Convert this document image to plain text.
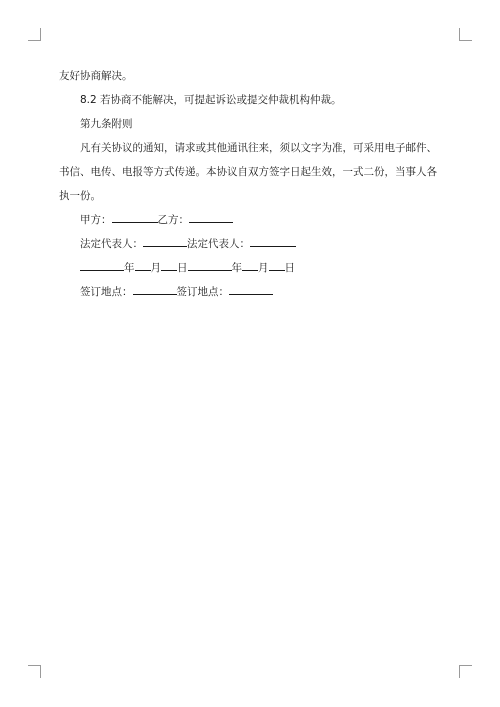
友好协商解决。
8.2 若协商不能解决，可提起诉讼或提交仲裁机构仲裁。
第九条附则
凡有关协议的通知，请求或其他通讯往来，须以文字为准，可采用电子邮件、书信、电传、电报等方式传递。本协议自双方签字日起生效，一式二份，当事人各执一份。
甲方：	乙方：
法定代表人：	法定代表人：
年 月 日	年 月 日
签订地点：	签订地点：
